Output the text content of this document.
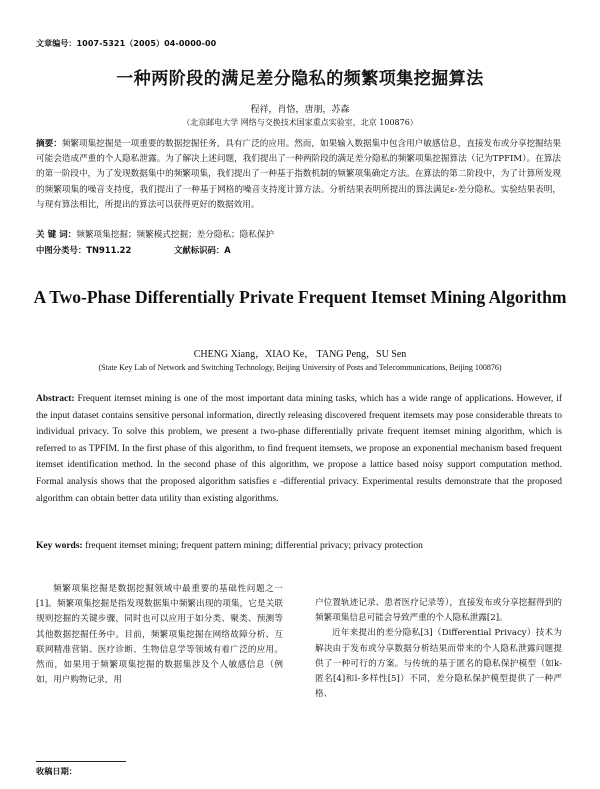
文章编号：1007-5321（2005）04-0000-00
一种两阶段的满足差分隐私的频繁项集挖掘算法
程祥，肖恪，唐朋，苏森
（北京邮电大学 网络与交换技术国家重点实验室，北京 100876）
摘要：频繁项集挖掘是一项重要的数据挖掘任务，具有广泛的应用。然而，如果输入数据集中包含用户敏感信息，直接发布或分享挖掘结果可能会造成严重的个人隐私泄露。为了解决上述问题，我们提出了一种两阶段的满足差分隐私的频繁项集挖掘算法（记为TPFIM）。在算法的第一阶段中，为了发现数据集中的频繁项集，我们提出了一种基于指数机制的频繁项集确定方法。在算法的第二阶段中，为了计算所发现的频繁项集的噪音支持度，我们提出了一种基于网格的噪音支持度计算方法。分析结果表明所提出的算法满足ε-差分隐私。实验结果表明，与现有算法相比，所提出的算法可以获得更好的数据效用。
关 键 词：频繁项集挖掘；频繁模式挖掘；差分隐私；隐私保护
中图分类号：TN911.22	文献标识码：A
A Two-Phase Differentially Private Frequent Itemset Mining Algorithm
CHENG Xiang，XIAO Ke， TANG Peng，SU Sen
(State Key Lab of Network and Switching Technology, Beijing University of Posts and Telecommunications, Beijing 100876)
Abstract: Frequent itemset mining is one of the most important data mining tasks, which has a wide range of applications. However, if the input dataset contains sensitive personal information, directly releasing discovered frequent itemsets may pose considerable threats to individual privacy. To solve this problem, we present a two-phase differentially private frequent itemset mining algorithm, which is referred to as TPFIM. In the first phase of this algorithm, to find frequent itemsets, we propose an exponential mechanism based frequent itemset identification method. In the second phase of this algorithm, we propose a lattice based noisy support computation method. Formal analysis shows that the proposed algorithm satisfies ε -differential privacy. Experimental results demonstrate that the proposed algorithm can obtain better data utility than existing algorithms.
Key words: frequent itemset mining; frequent pattern mining; differential privacy; privacy protection

频繁项集挖掘是数据挖掘领域中最重要的基础性问题之一[1]。频繁项集挖掘是指发现数据集中频繁出现的项集，它是关联规则挖掘的关键步骤，同时也可以应用于如分类、聚类、预测等其他数据挖掘任务中。目前，频繁项集挖掘在网络故障分析、互联网精准营销、医疗诊断、生物信息学等领域有着广泛的应用。然而，如果用于频繁项集挖掘的数据集涉及个人敏感信息（例如，用户购物记录，用

户位置轨迹记录、患者医疗记录等），直接发布或分享挖掘得到的频繁项集信息可能会导致严重的个人隐私泄露[2]。

近年来提出的差分隐私[3]（Differential Privacy）技术为解决由于发布或分享数据分析结果而带来的个人隐私泄露问题提供了一种可行的方案。与传统的基于匿名的隐私保护模型（如k-匿名[4]和l-多样性[5]）不同，差分隐私保护模型提供了一种严格、

收稿日期：
